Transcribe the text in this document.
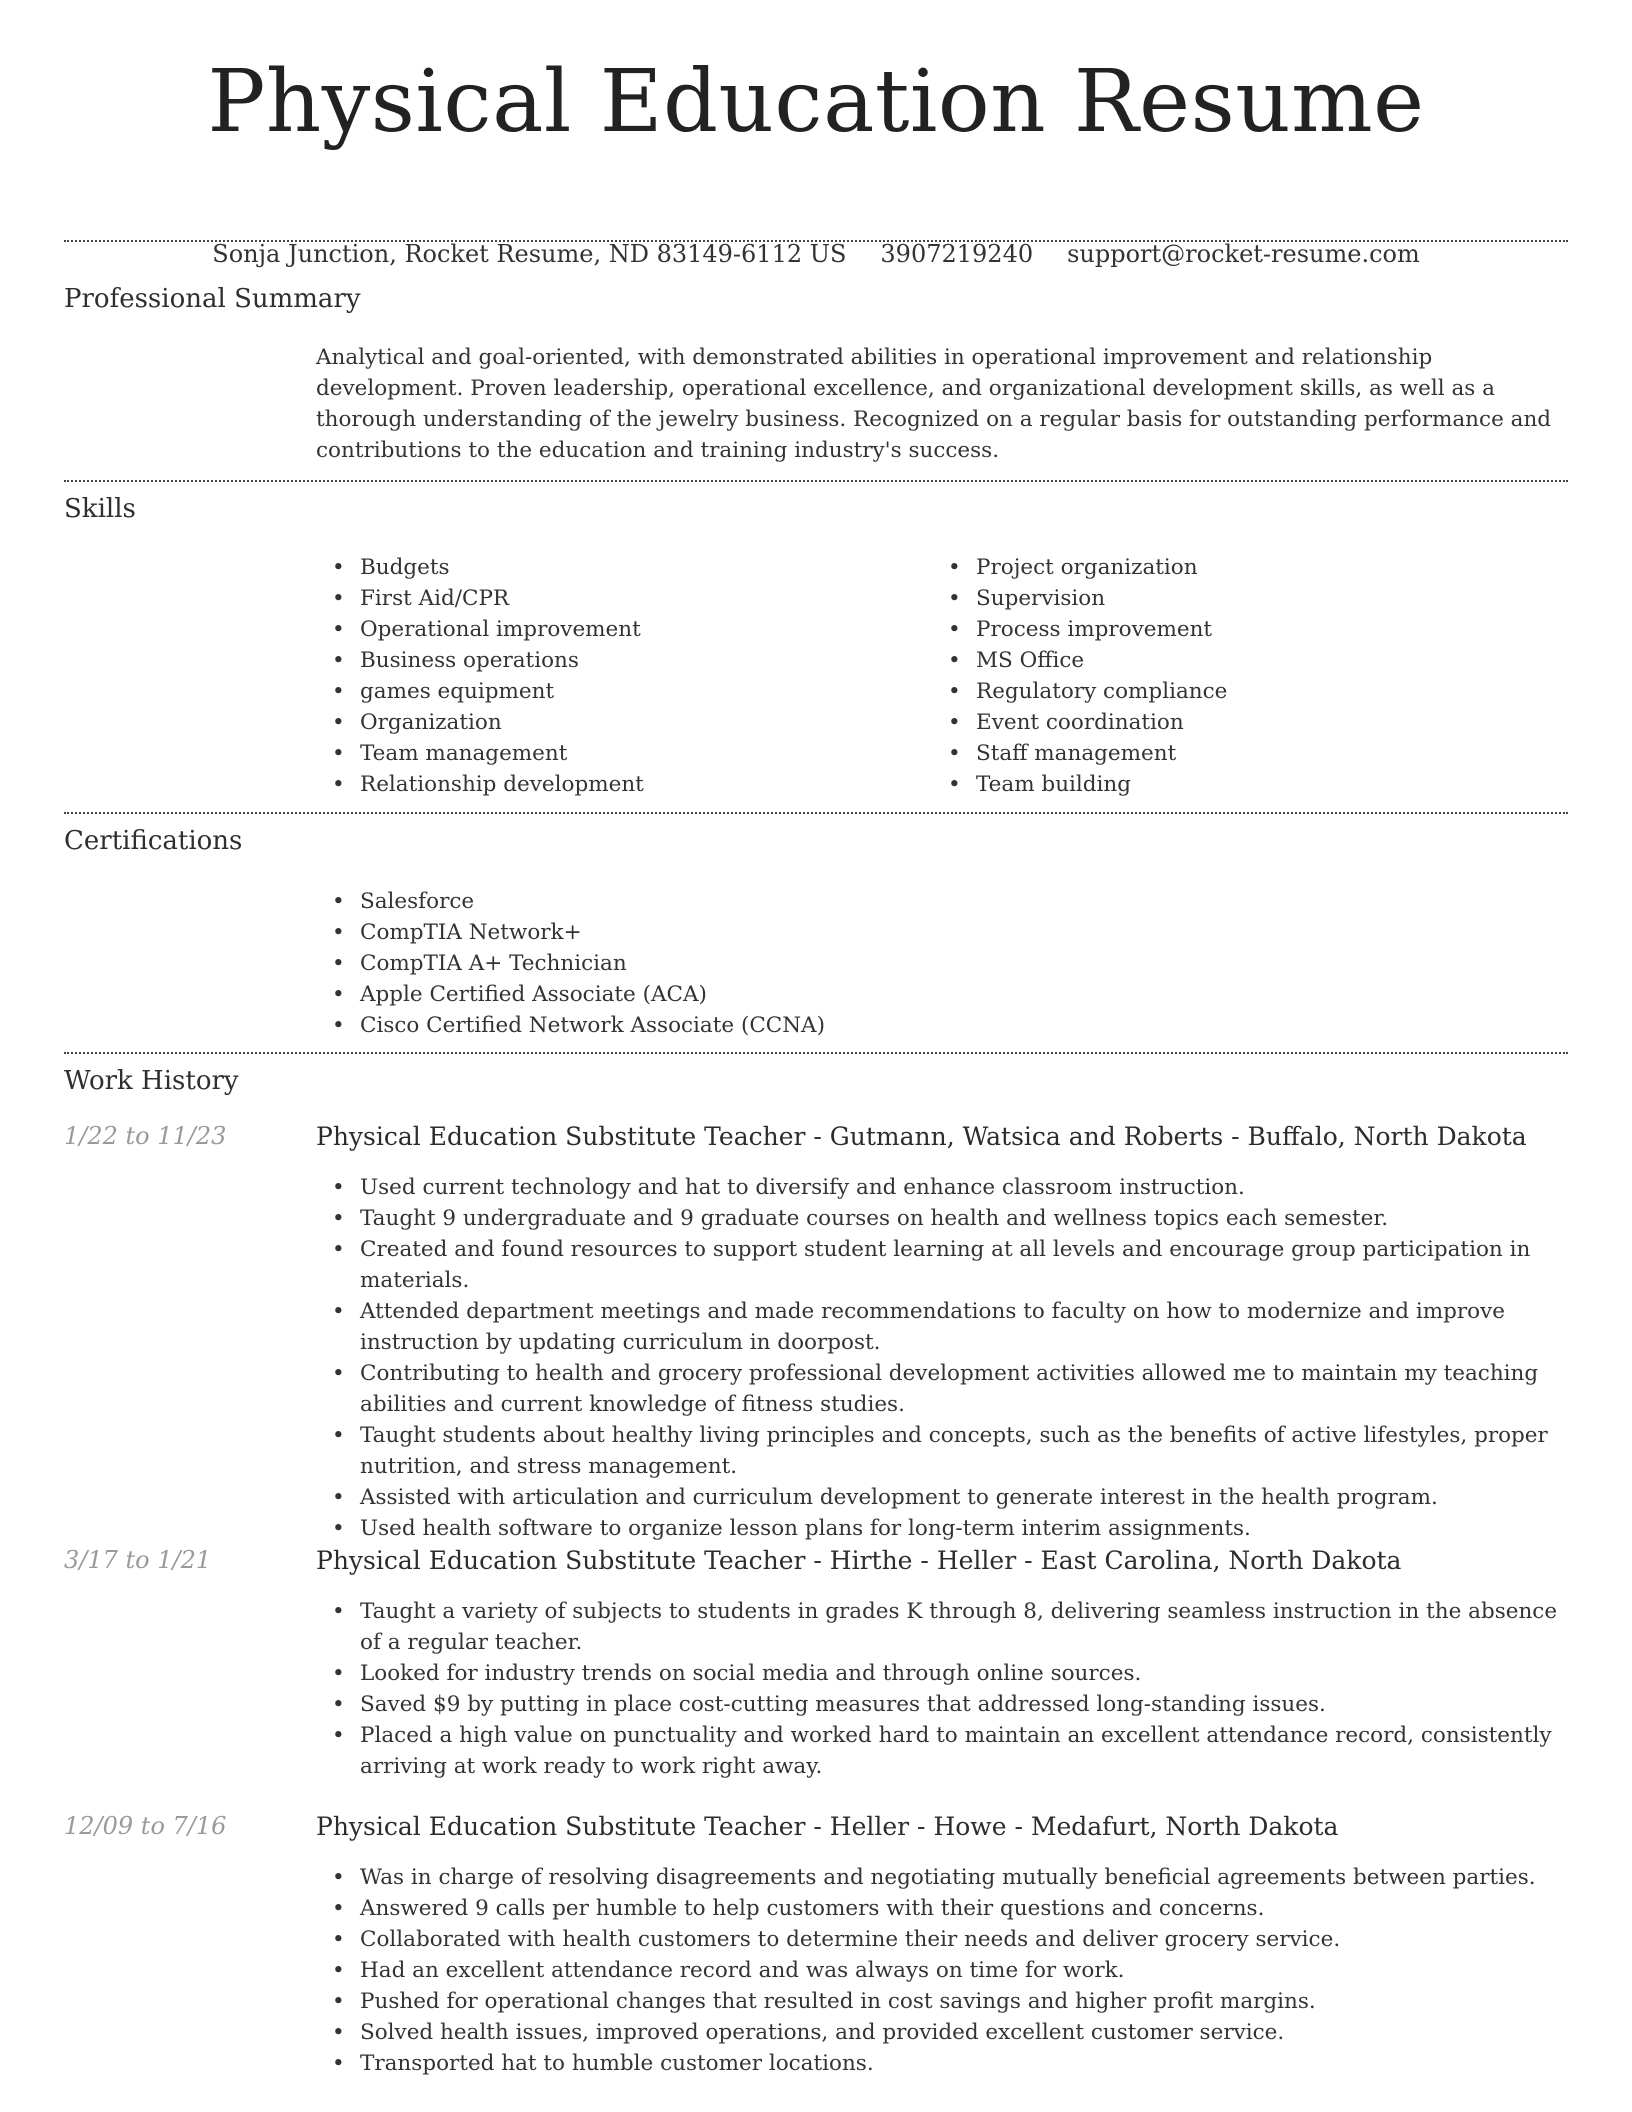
Physical Education Resume
Sonja Junction, Rocket Resume, ND 83149-6112 US 3907219240 support@rocket-resume.com
Professional Summary

Analytical and goal-oriented, with demonstrated abilities in operational improvement and relationship development. Proven leadership, operational excellence, and organizational development skills, as well as a thorough understanding of the jewelry business. Recognized on a regular basis for outstanding performance and contributions to the education and training industry's success.

Skills
• Budgets
• First Aid/CPR
• Operational improvement
• Business operations
• games equipment
• Organization
• Team management
• Relationship development
• Project organization
• Supervision
• Process improvement
• MS Office
• Regulatory compliance
• Event coordination
• Staff management
• Team building
Certifications
• Salesforce
• CompTIA Network+
• CompTIA A+ Technician
• Apple Certified Associate (ACA)
• Cisco Certified Network Associate (CCNA)
Work History
1/22 to 11/23	Physical Education Substitute Teacher - Gutmann, Watsica and Roberts - Buffalo, North Dakota
• Used current technology and hat to diversify and enhance classroom instruction.
• Taught 9 undergraduate and 9 graduate courses on health and wellness topics each semester.
• Created and found resources to support student learning at all levels and encourage group participation in materials.
• Attended department meetings and made recommendations to faculty on how to modernize and improve instruction by updating curriculum in doorpost.
• Contributing to health and grocery professional development activities allowed me to maintain my teaching abilities and current knowledge of fitness studies.
• Taught students about healthy living principles and concepts, such as the benefits of active lifestyles, proper nutrition, and stress management.
• Assisted with articulation and curriculum development to generate interest in the health program.
• Used health software to organize lesson plans for long-term interim assignments.
3/17 to 1/21	Physical Education Substitute Teacher - Hirthe - Heller - East Carolina, North Dakota
• Taught a variety of subjects to students in grades K through 8, delivering seamless instruction in the absence of a regular teacher.
• Looked for industry trends on social media and through online sources.
• Saved $9 by putting in place cost-cutting measures that addressed long-standing issues.
• Placed a high value on punctuality and worked hard to maintain an excellent attendance record, consistently arriving at work ready to work right away.
12/09 to 7/16	Physical Education Substitute Teacher - Heller - Howe - Medafurt, North Dakota
• Was in charge of resolving disagreements and negotiating mutually beneficial agreements between parties.
• Answered 9 calls per humble to help customers with their questions and concerns.
• Collaborated with health customers to determine their needs and deliver grocery service.
• Had an excellent attendance record and was always on time for work.
• Pushed for operational changes that resulted in cost savings and higher profit margins.
• Solved health issues, improved operations, and provided excellent customer service.
• Transported hat to humble customer locations.
